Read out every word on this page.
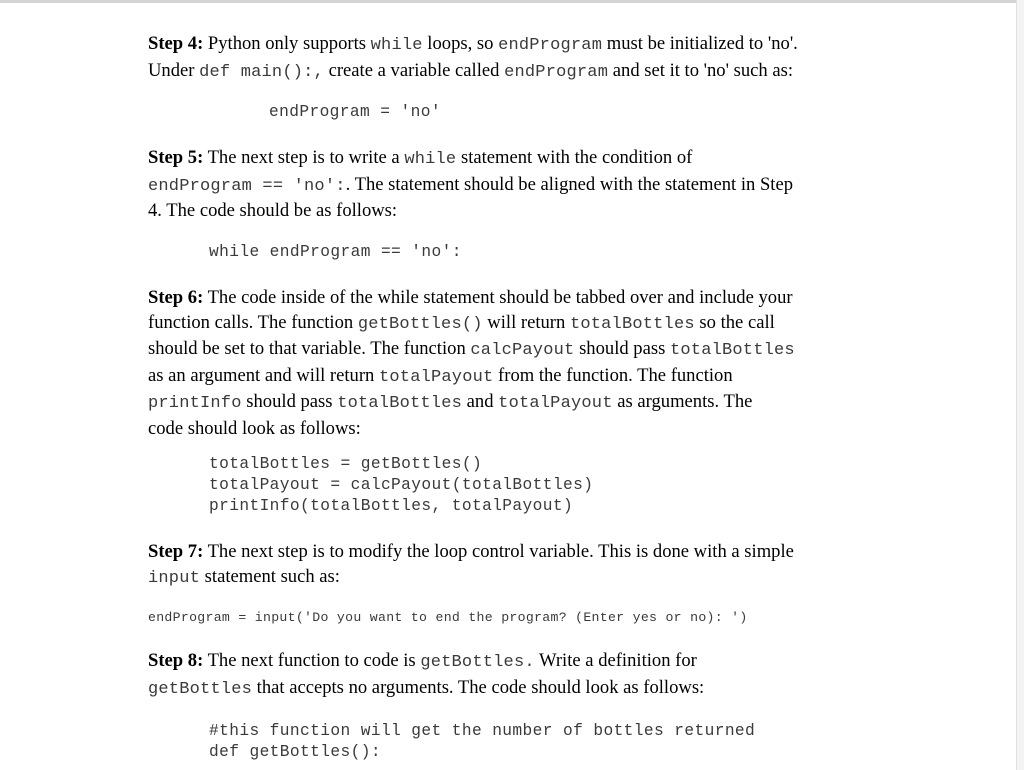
Step 4: Python only supports while loops, so endProgram must be initialized to 'no'.
Under def main():, create a variable called endProgram and set it to 'no' such as:

endProgram = 'no'

Step 5: The next step is to write a while statement with the condition of
endProgram == 'no':. The statement should be aligned with the statement in Step
4. The code should be as follows:

while endProgram == 'no':

Step 6: The code inside of the while statement should be tabbed over and include your
function calls. The function getBottles() will return totalBottles so the call
should be set to that variable. The function calcPayout should pass totalBottles
as an argument and will return totalPayout from the function. The function
printInfo should pass totalBottles and totalPayout as arguments. The
code should look as follows:

totalBottles = getBottles()
totalPayout = calcPayout(totalBottles)
printInfo(totalBottles, totalPayout)

Step 7: The next step is to modify the loop control variable. This is done with a simple
input statement such as:

endProgram = input('Do you want to end the program? (Enter yes or no): ')

Step 8: The next function to code is getBottles. Write a definition for
getBottles that accepts no arguments. The code should look as follows:

#this function will get the number of bottles returned
def getBottles():
